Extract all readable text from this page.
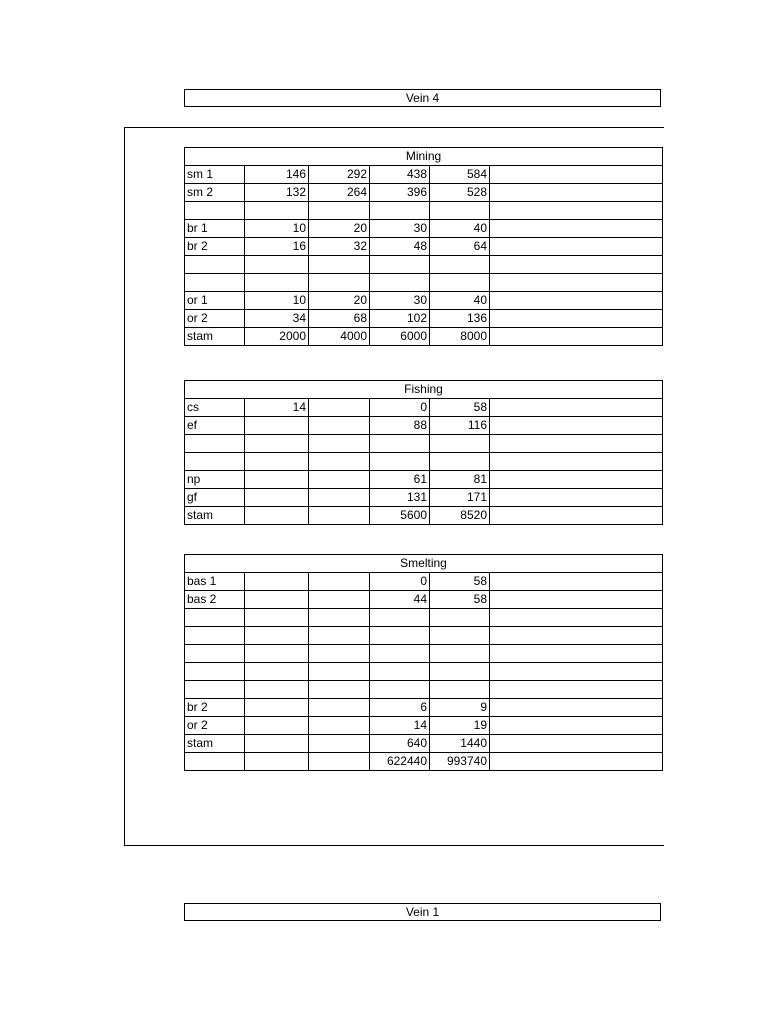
Vein 4
Mining					
sm 1	146	292	438	584	
sm 2	132	264	396	528	

br 1	10	20	30	40	
br 2	16	32	48	64	

or 1	10	20	30	40	
or 2	34	68	102	136	
stam	2000	4000	6000	8000	
Fishing					
cs	14		0	58	
ef			88	116	

np			61	81	
gf			131	171	
stam			5600	8520	
Smelting					
bas 1			0	58	
bas 2			44	58	

br 2			6	9	
or 2			14	19	
stam			640	1440	
			622440	993740	
Vein 1
